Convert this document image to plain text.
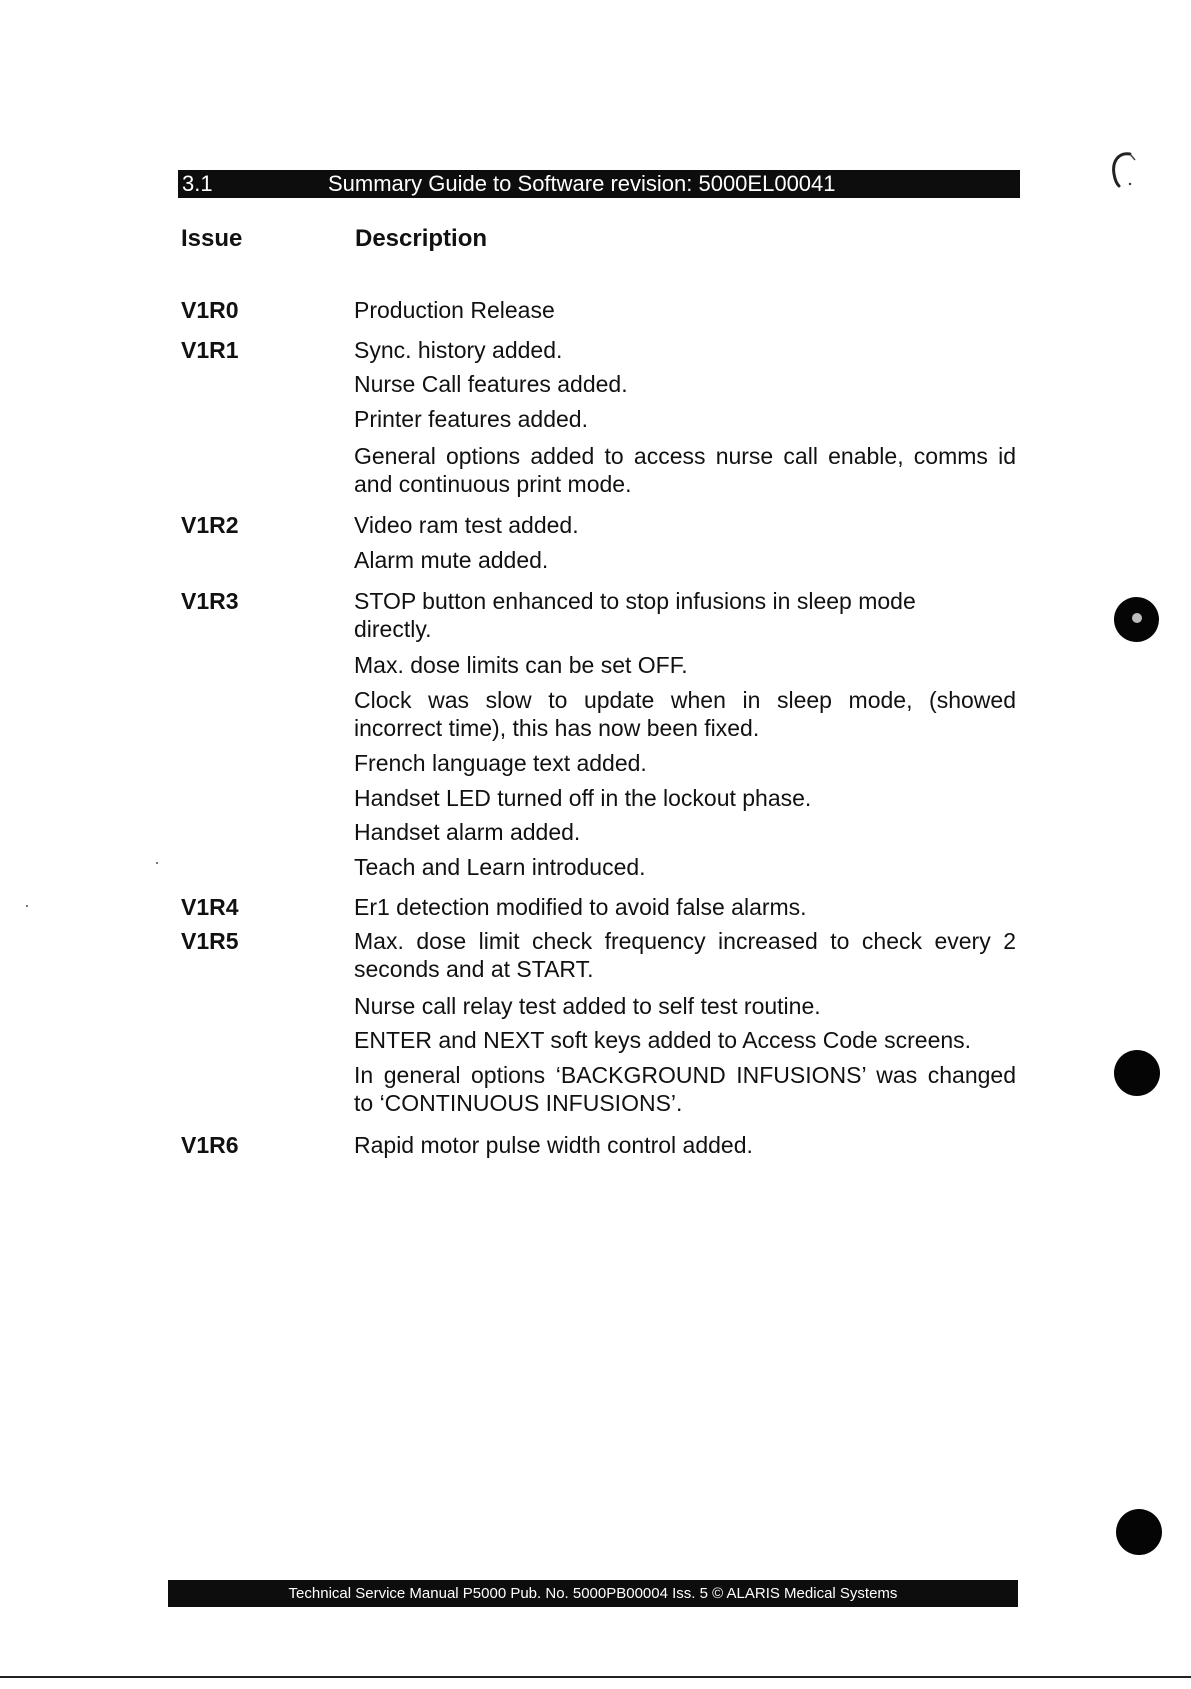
3.1	Summary Guide to Software revision: 5000EL00041
Issue	Description
V1R0	Production Release
V1R1	Sync. history added.
Nurse Call features added.
Printer features added.
General options added to access nurse call enable, comms id and continuous print mode.
V1R2	Video ram test added.
Alarm mute added.
V1R3	STOP button enhanced to stop infusions in sleep mode directly.
Max. dose limits can be set OFF.
Clock was slow to update when in sleep mode, (showed incorrect time), this has now been fixed.
French language text added.
Handset LED turned off in the lockout phase.
Handset alarm added.
Teach and Learn introduced.
V1R4	Er1 detection modified to avoid false alarms.
V1R5	Max. dose limit check frequency increased to check every 2 seconds and at START.
Nurse call relay test added to self test routine.
ENTER and NEXT soft keys added to Access Code screens.
In general options ‘BACKGROUND INFUSIONS’ was changed to ‘CONTINUOUS INFUSIONS’.
V1R6	Rapid motor pulse width control added.
Technical Service Manual P5000 Pub. No. 5000PB00004 Iss. 5 © ALARIS Medical Systems
